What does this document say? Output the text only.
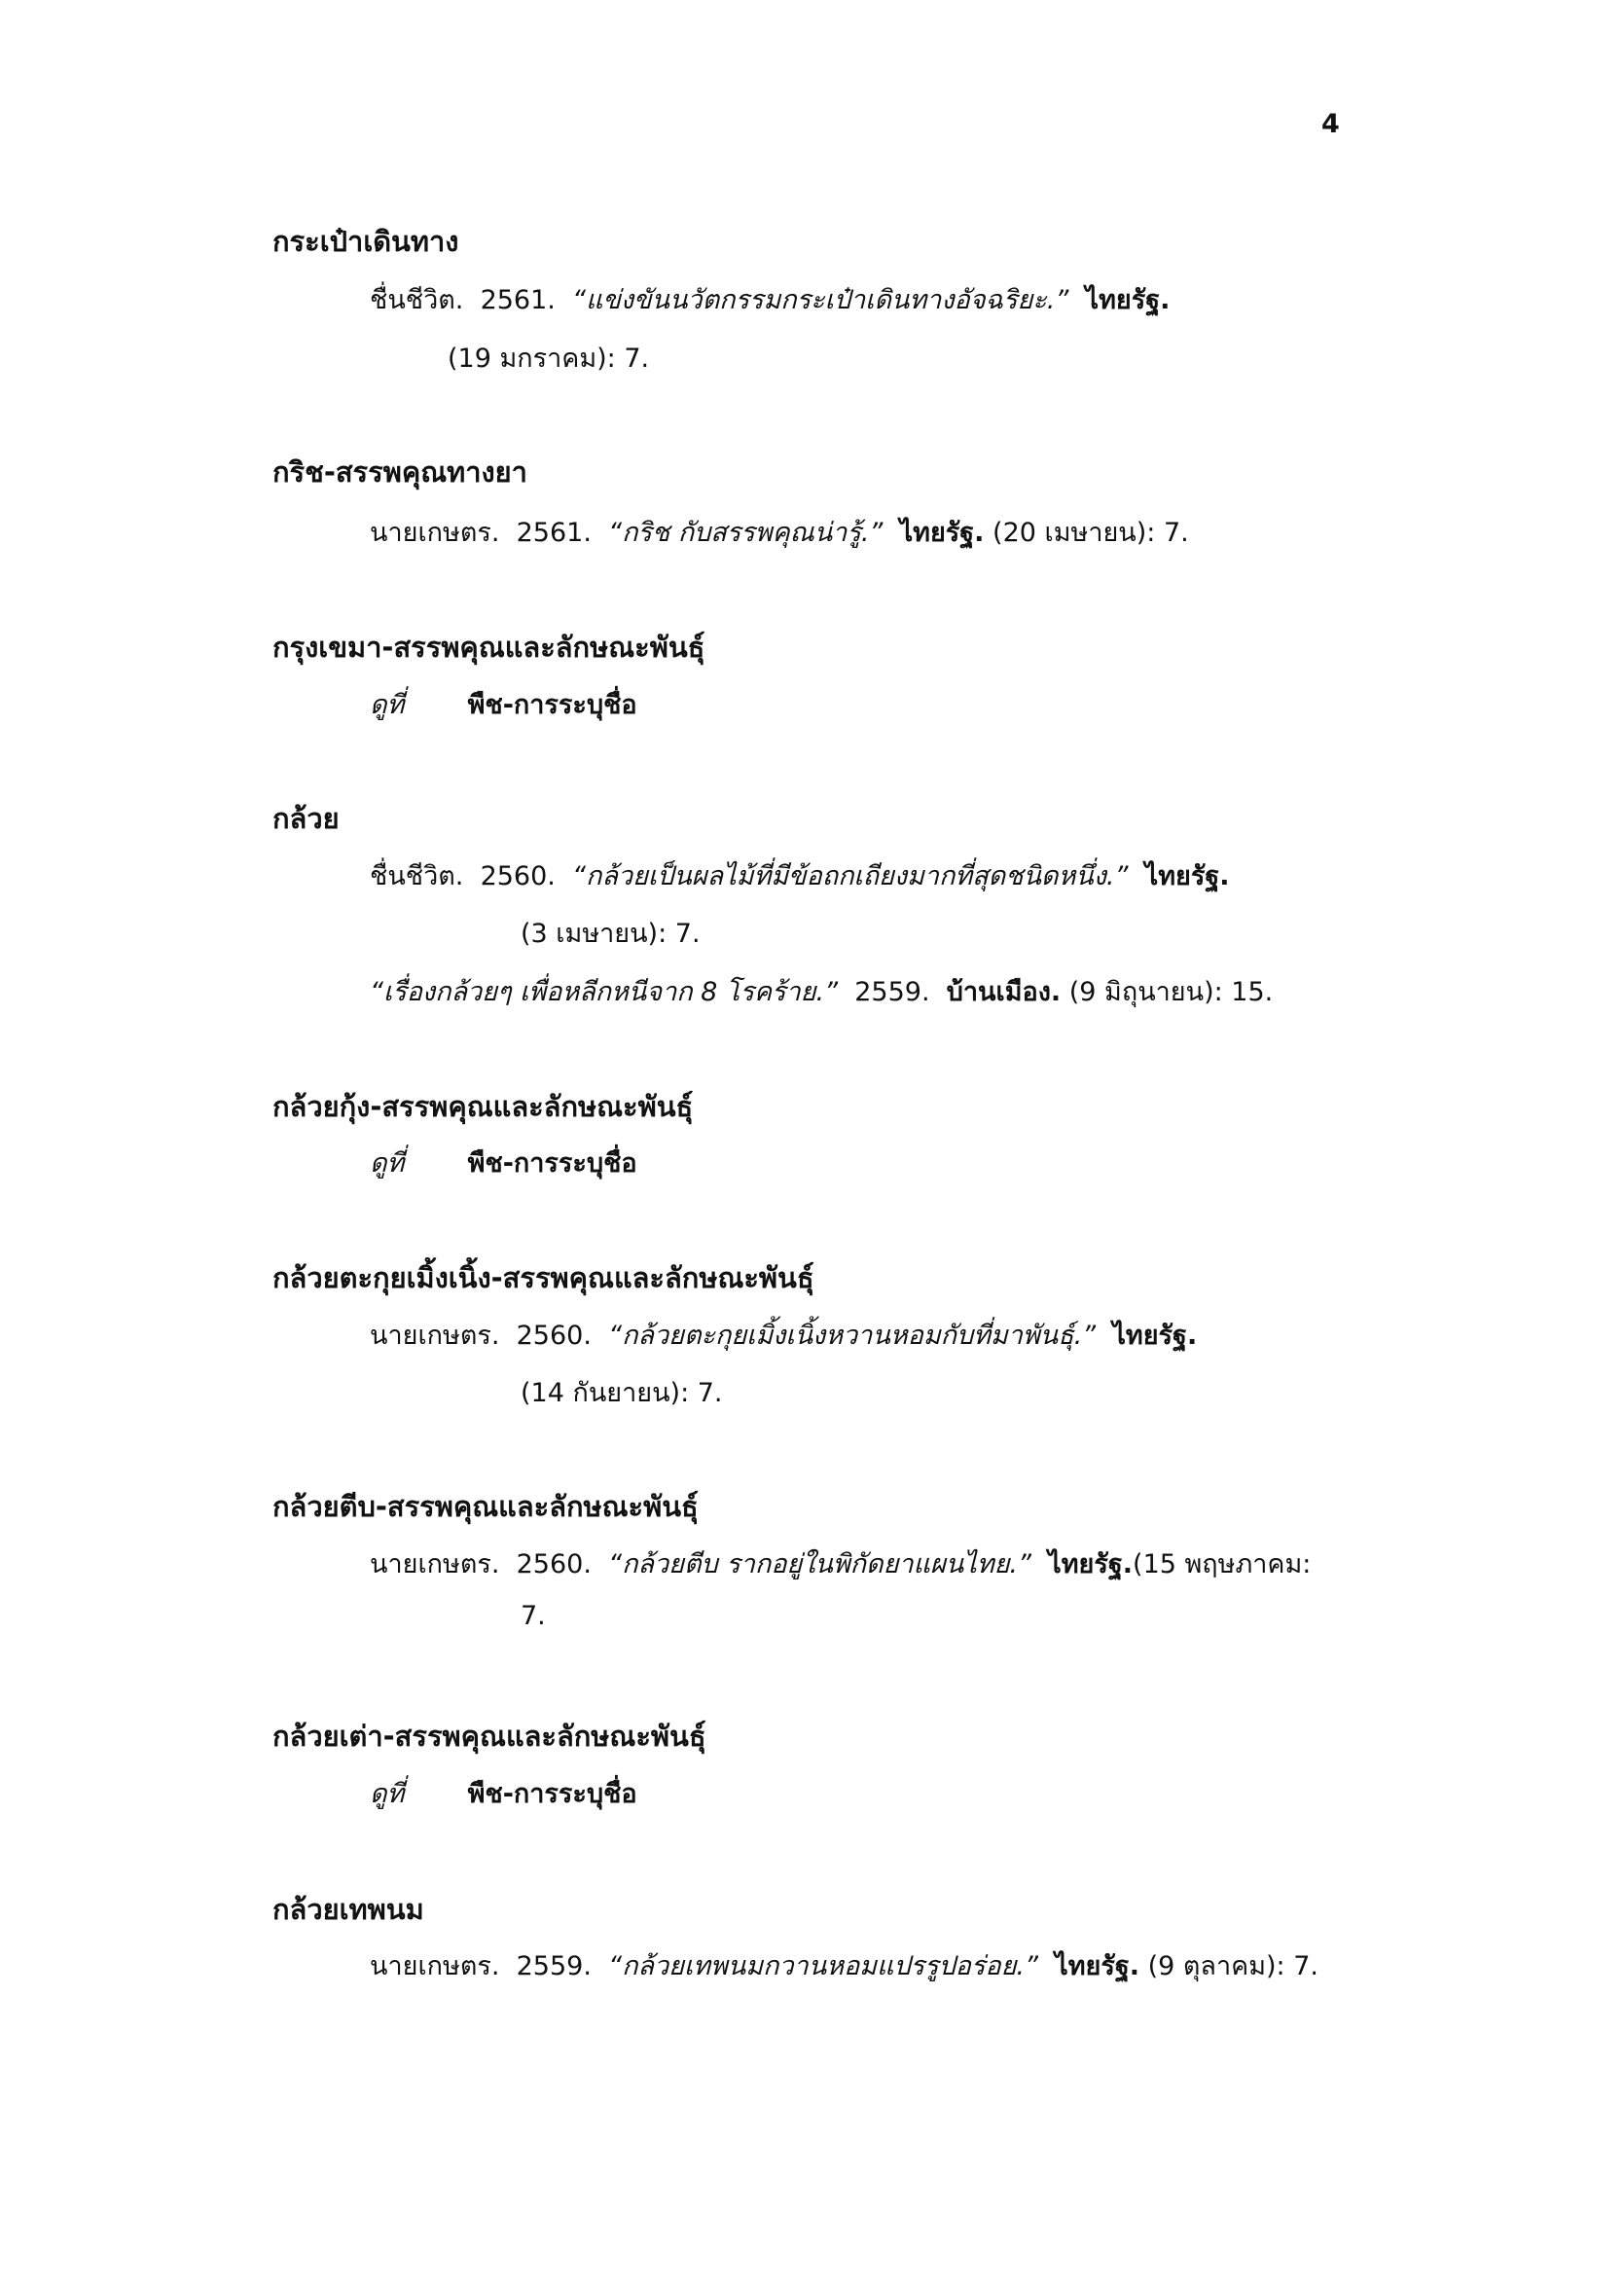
4
กระเป๋าเดินทาง
ชื่นชีวิต. 2561. “แข่งขันนวัตกรรมกระเป๋าเดินทางอัจฉริยะ.” ไทยรัฐ.
(19 มกราคม): 7.
กริช-สรรพคุณทางยา
นายเกษตร. 2561. “กริช กับสรรพคุณน่ารู้.” ไทยรัฐ. (20 เมษายน): 7.
กรุงเขมา-สรรพคุณและลักษณะพันธุ์
ดูที่ พืช-การระบุชื่อ
กล้วย
ชื่นชีวิต. 2560. “กล้วยเป็นผลไม้ที่มีข้อถกเถียงมากที่สุดชนิดหนึ่ง.” ไทยรัฐ.
(3 เมษายน): 7.
“เรื่องกล้วยๆ เพื่อหลีกหนีจาก 8 โรคร้าย.” 2559. บ้านเมือง. (9 มิถุนายน): 15.
กล้วยกุ้ง-สรรพคุณและลักษณะพันธุ์
ดูที่ พืช-การระบุชื่อ
กล้วยตะกุยเมิ้งเนิ้ง-สรรพคุณและลักษณะพันธุ์
นายเกษตร. 2560. “กล้วยตะกุยเมิ้งเนิ้งหวานหอมกับที่มาพันธุ์.” ไทยรัฐ.
(14 กันยายน): 7.
กล้วยตีบ-สรรพคุณและลักษณะพันธุ์
นายเกษตร. 2560. “กล้วยตีบ รากอยู่ในพิกัดยาแผนไทย.” ไทยรัฐ.(15 พฤษภาคม:
7.
กล้วยเต่า-สรรพคุณและลักษณะพันธุ์
ดูที่ พืช-การระบุชื่อ
กล้วยเทพนม
นายเกษตร. 2559. “กล้วยเทพนมกวานหอมแปรรูปอร่อย.” ไทยรัฐ. (9 ตุลาคม): 7.
